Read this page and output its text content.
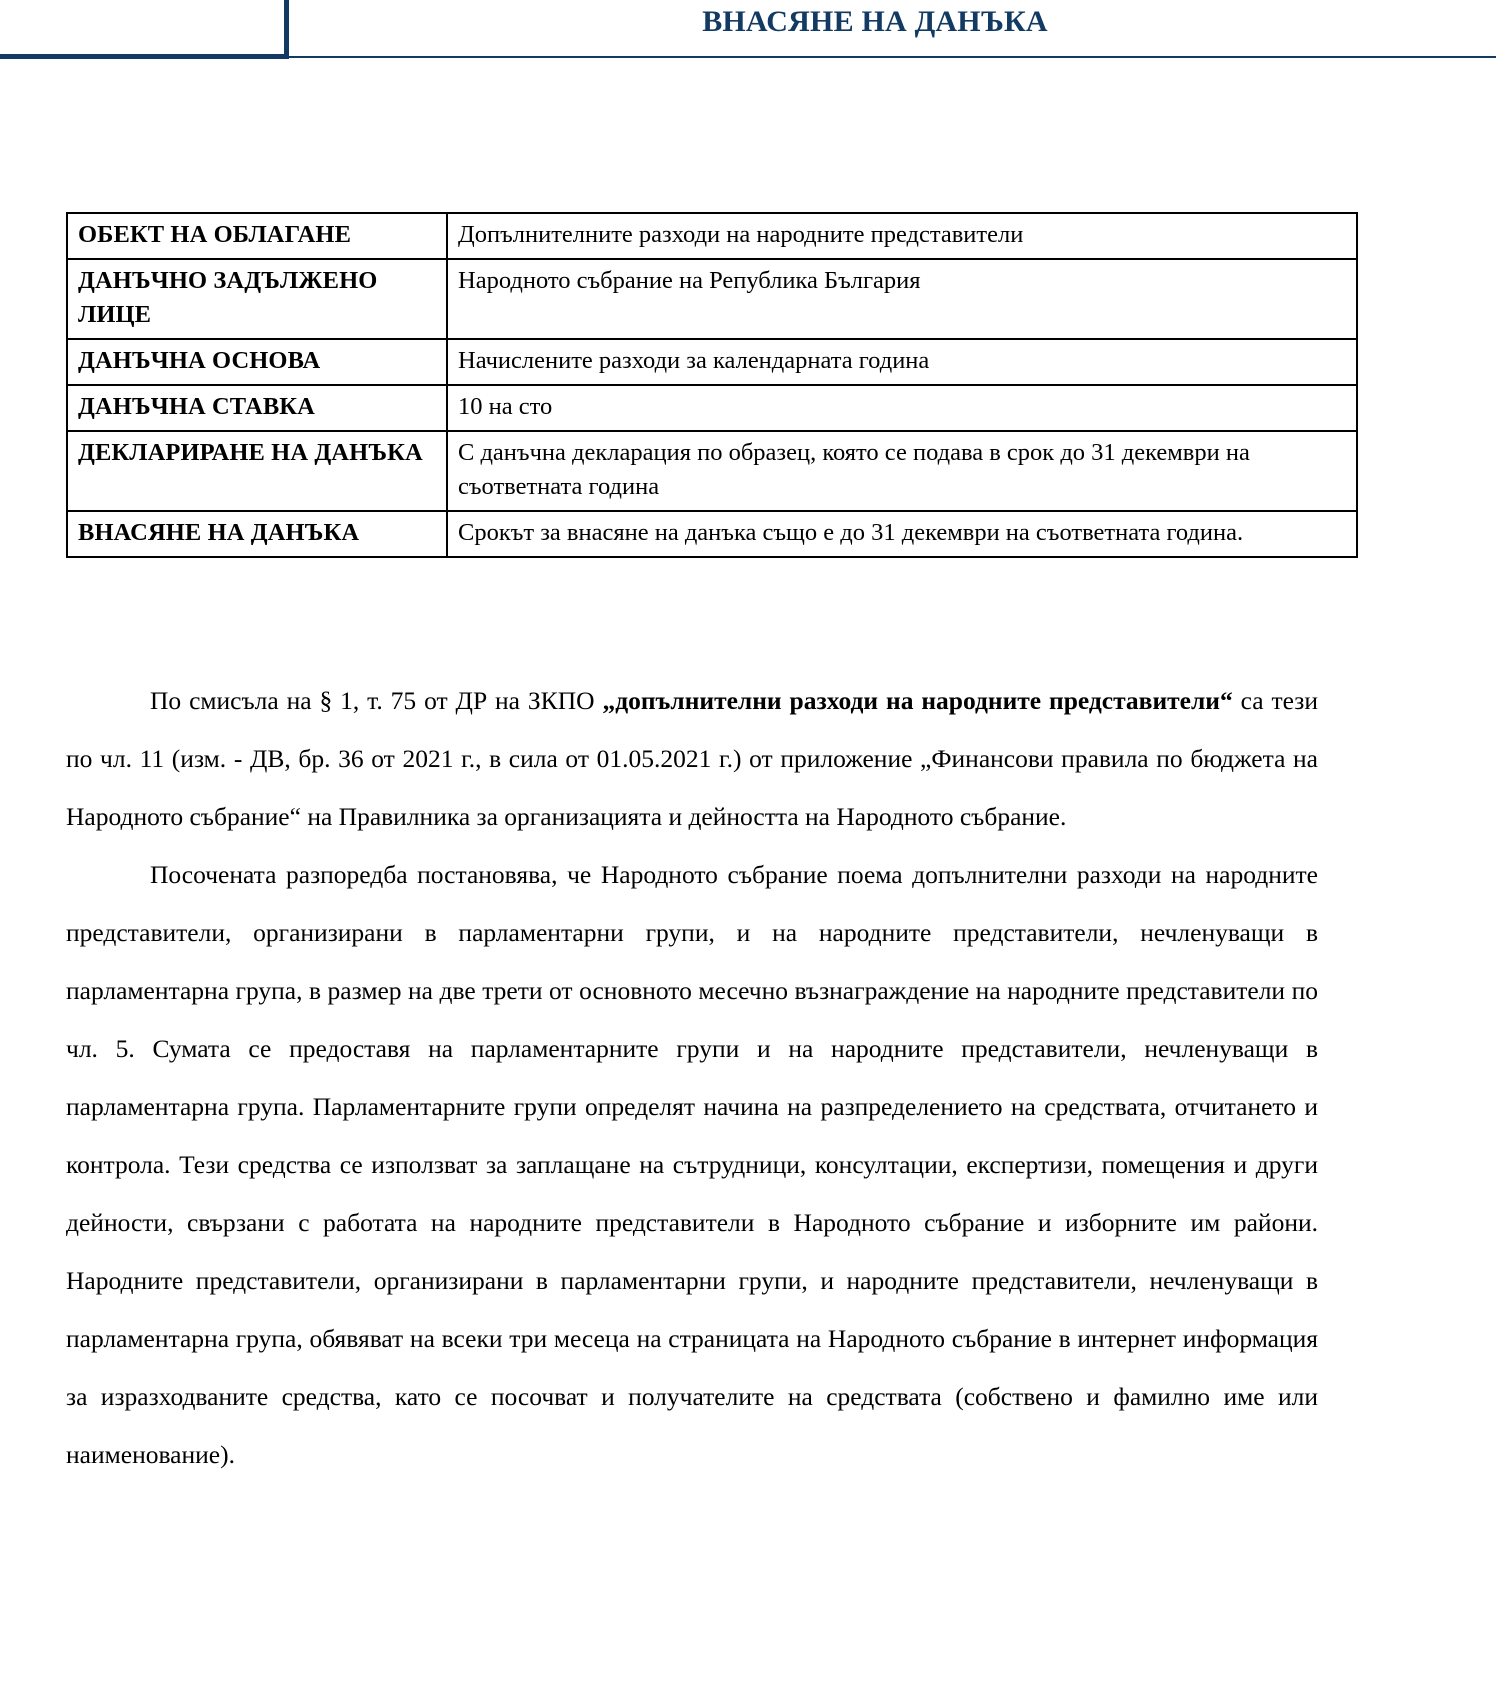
ВНАСЯНЕ НА ДАНЪКА
ОБЕКТ НА ОБЛАГАНЕ	Допълнителните разходи на народните представители
ДАНЪЧНО ЗАДЪЛЖЕНО ЛИЦЕ	Народното събрание на Република България
ДАНЪЧНА ОСНОВА	Начислените разходи за календарната година
ДАНЪЧНА СТАВКА	10 на сто
ДЕКЛАРИРАНЕ НА ДАНЪКА	С данъчна декларация по образец, която се подава в срок до 31 декември на съответната година
ВНАСЯНЕ НА ДАНЪКА	Срокът за внасяне на данъка също е до 31 декември на съответната година.

По смисъла на § 1, т. 75 от ДР на ЗКПО „допълнителни разходи на народните представители“ са тези по чл. 11 (изм. - ДВ, бр. 36 от 2021 г., в сила от 01.05.2021 г.) от приложение „Финансови правила по бюджета на Народното събрание“ на Правилника за организацията и дейността на Народното събрание.

Посочената разпоредба постановява, че Народното събрание поема допълнителни разходи на народните представители, организирани в парламентарни групи, и на народните представители, нечленуващи в парламентарна група, в размер на две трети от основното месечно възнаграждение на народните представители по чл. 5. Сумата се предоставя на парламентарните групи и на народните представители, нечленуващи в парламентарна група. Парламентарните групи определят начина на разпределението на средствата, отчитането и контрола. Тези средства се използват за заплащане на сътрудници, консултации, експертизи, помещения и други дейности, свързани с работата на народните представители в Народното събрание и изборните им райони. Народните представители, организирани в парламентарни групи, и народните представители, нечленуващи в парламентарна група, обявяват на всеки три месеца на страницата на Народното събрание в интернет информация за изразходваните средства, като се посочват и получателите на средствата (собствено и фамилно име или наименование).
